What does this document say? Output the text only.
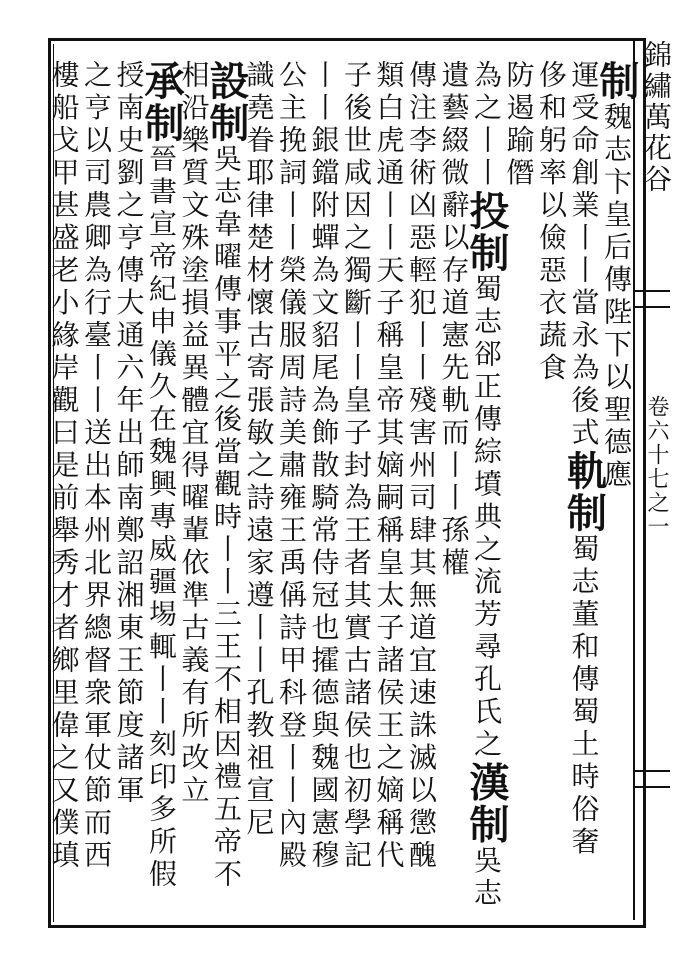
錦繡萬花谷
卷六十七之一
制魏志卞皇后傳陛下以聖德應
運受命創業丨丨當永為後式軌制蜀志董和傳蜀土時俗奢
侈和躬率以儉惡衣蔬食
防遏踰僭
為之丨丨投制蜀志郤正傳綜墳典之流芳尋孔氏之漢制吳志
遺藝綴微辭以存道憲先軌而丨丨孫權
傳注李術凶惡輕犯丨丨殘害州司肆其無道宜速誅滅以懲醜
類白虎通丨丨天子稱皇帝其嫡嗣稱皇太子諸侯王之嫡稱代
子後世咸因之獨斷丨丨皇子封為王者其實古諸侯也初學記
丨丨銀鐺附蟬為文貂尾為飾散騎常侍冠也攉德與魏國憲穆
公主挽詞丨丨榮儀服周詩美肅雍王禹偁詩甲科登丨丨內殿
識堯眷耶律楚材懷古寄張敏之詩遠家遵丨丨孔教祖宣尼
設制吳志韋曜傳事平之後當觀時丨丨三王不相因禮五帝不
相沿樂質文殊塗損益異體宜得曜輩依準古義有所改立
承制晉書宣帝紀申儀久在魏興專威疆埸輒丨丨刻印多所假
授南史劉之亨傳大通六年出師南鄭詔湘東王節度諸軍
之亨以司農卿為行臺丨丨送出本州北界總督衆軍仗節而西
樓船戈甲甚盛老小緣岸觀曰是前舉秀才者鄉里偉之又僕瑱
